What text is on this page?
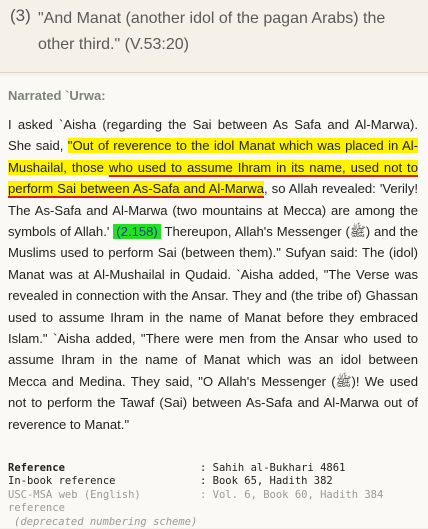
(3) "And Manat (another idol of the pagan Arabs) the other third." (V.53:20)
Narrated `Urwa:
I asked `Aisha (regarding the Sai between As Safa and Al-Marwa). She said, "Out of reverence to the idol Manat which was placed in Al-Mushailal, those who used to assume Ihram in its name, used not to perform Sai between As-Safa and Al-Marwa, so Allah revealed: 'Verily! The As-Safa and Al-Marwa (two mountains at Mecca) are among the symbols of Allah.' (2.158) Thereupon, Allah's Messenger (ﷺ) and the Muslims used to perform Sai (between them)." Sufyan said: The (idol) Manat was at Al-Mushailal in Qudaid. `Aisha added, "The Verse was revealed in connection with the Ansar. They and (the tribe of) Ghassan used to assume Ihram in the name of Manat before they embraced Islam." `Aisha added, "There were men from the Ansar who used to assume Ihram in the name of Manat which was an idol between Mecca and Medina. They said, "O Allah's Messenger (ﷺ)! We used not to perform the Tawaf (Sai) between As-Safa and Al-Marwa out of reverence to Manat."
Reference	: Sahih al-Bukhari 4861
In-book reference	: Book 65, Hadith 382
USC-MSA web (English) reference
: Vol. 6, Book 60, Hadith 384
(deprecated numbering scheme)
